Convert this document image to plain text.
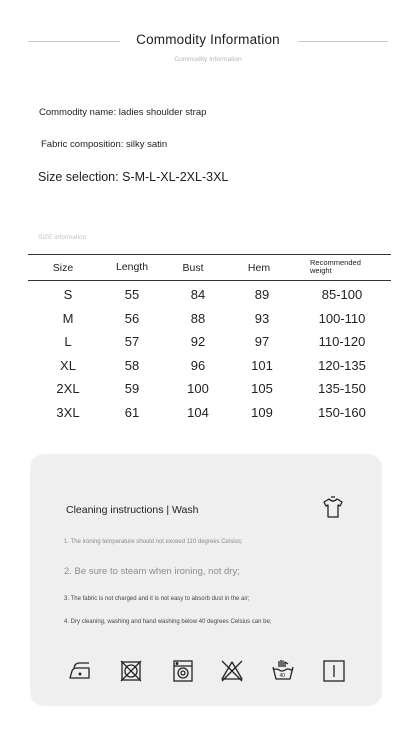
Commodity Information
Commodity Information
Commodity name: ladies shoulder strap
Fabric composition: silky satin
Size selection: S-M-L-XL-2XL-3XL
SIZE information
Size	Length	Bust	Hem	Recommended weight
S	55	84	89	85-100
M	56	88	93	100-110
L	57	92	97	110-120
XL	58	96	101	120-135
2XL	59	100	105	135-150
3XL	61	104	109	150-160
Cleaning instructions | Wash
1. The ironing temperature should not exceed 110 degrees Celsius;
2. Be sure to steam when ironing, not dry;
3. The fabric is not charged and it is not easy to absorb dust in the air;
4. Dry cleaning, washing and hand washing below 40 degrees Celsius can be;
40
